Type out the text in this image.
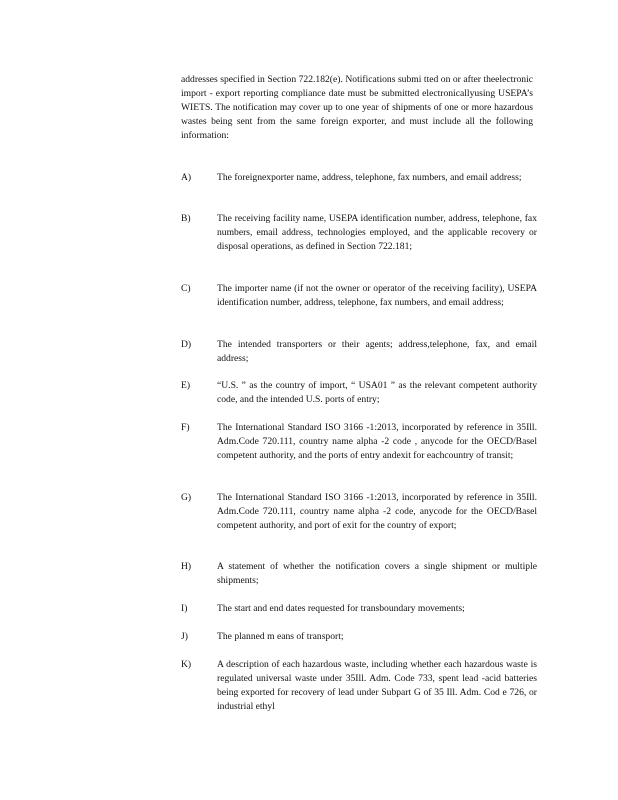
addresses specified in Section 722.182(e). Notifications submi tted on or after theelectronic import - export reporting compliance date must be submitted electronicallyusing USEPA’s WIETS. The notification may cover up to one year of shipments of one or more hazardous wastes being sent from the same foreign exporter, and must include all the following information:
A)	The foreignexporter name, address, telephone, fax numbers, and email address;
B)	The receiving facility name, USEPA identification number, address, telephone, fax numbers, email address, technologies employed, and the applicable recovery or disposal operations, as defined in Section 722.181;
C)	The importer name (if not the owner or operator of the receiving facility), USEPA identification number, address, telephone, fax numbers, and email address;
D)	The intended transporters or their agents; address,telephone, fax, and email address;
E)	“U.S. ” as the country of import, “ USA01 ” as the relevant competent authority code, and the intended U.S. ports of entry;
F)	The International Standard ISO 3166 -1:2013, incorporated by reference in 35Ill. Adm.Code 720.111, country name alpha -2 code , anycode for the OECD/Basel competent authority, and the ports of entry andexit for eachcountry of transit;
G)	The International Standard ISO 3166 -1:2013, incorporated by reference in 35Ill. Adm.Code 720.111, country name alpha -2 code, anycode for the OECD/Basel competent authority, and port of exit for the country of export;
H)	A statement of whether the notification covers a single shipment or multiple shipments;
I)	The start and end dates requested for transboundary movements;
J)	The planned m eans of transport;
K)	A description of each hazardous waste, including whether each hazardous waste is regulated universal waste under 35Ill. Adm. Code 733, spent lead -acid batteries being exported for recovery of lead under Subpart G of 35 Ill. Adm. Cod e 726, or industrial ethyl
